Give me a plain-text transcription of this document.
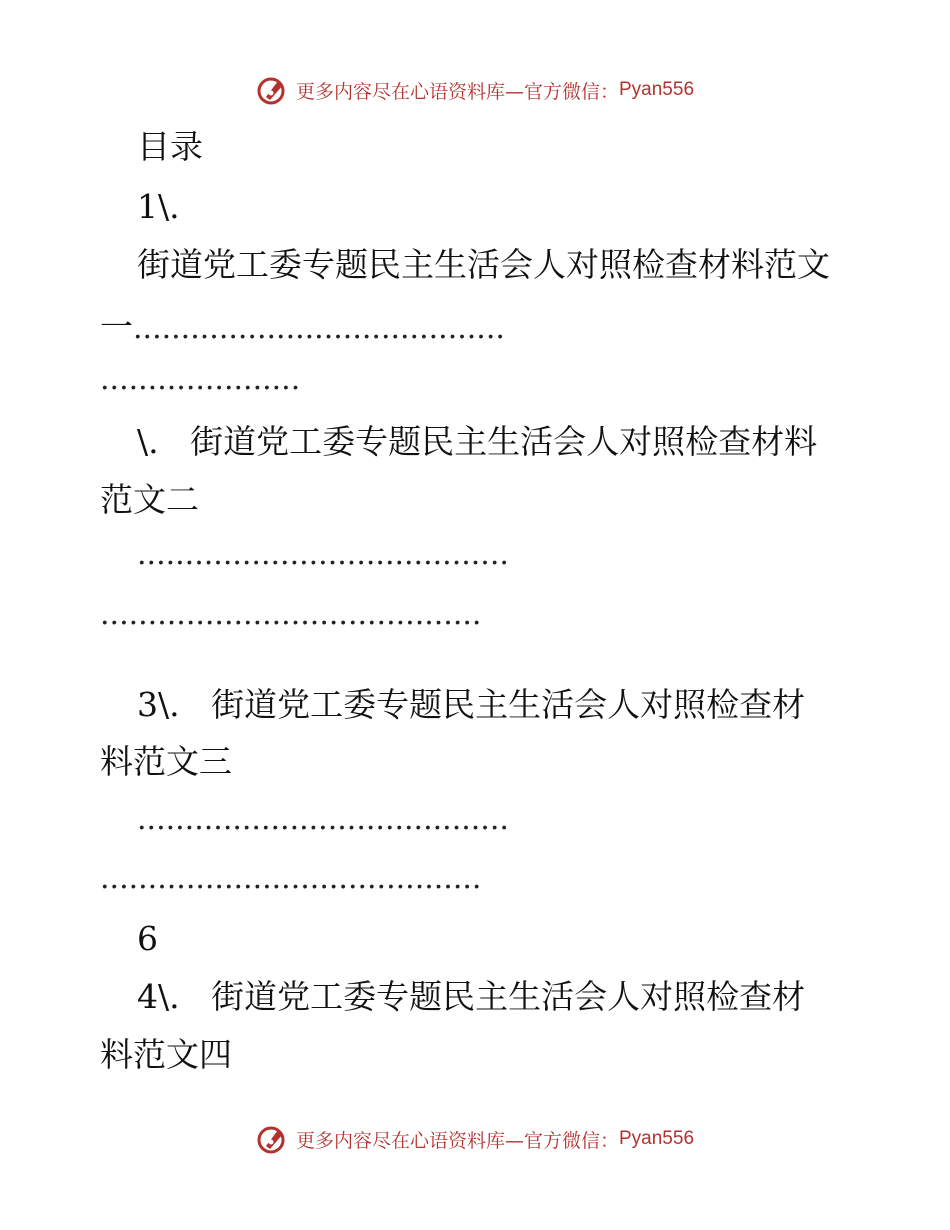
更多内容尽在心语资料库—官方微信： Pyan556
目录
1\.
街道党工委专题民主生活会人对照检查材料范文
一.......................................
.....................
\. 街道党工委专题民主生活会人对照检查材料
范文二
.......................................
........................................
3\. 街道党工委专题民主生活会人对照检查材
料范文三
.......................................
........................................
6
4\. 街道党工委专题民主生活会人对照检查材
料范文四
更多内容尽在心语资料库—官方微信： Pyan556
